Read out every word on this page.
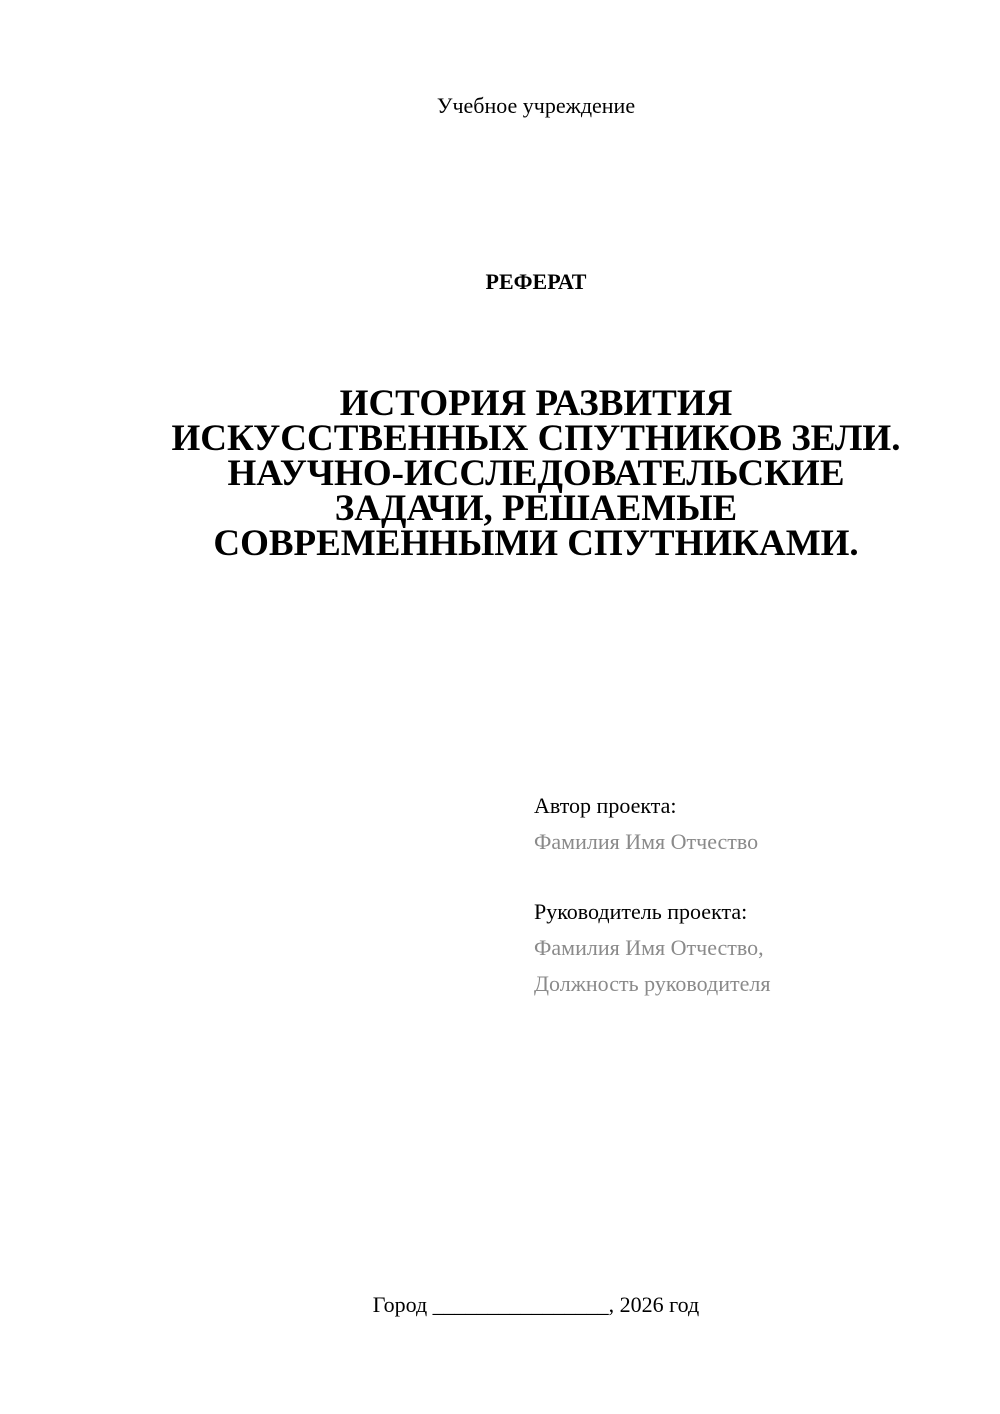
Учебное учреждение
РЕФЕРАТ
ИСТОРИЯ РАЗВИТИЯ
ИСКУССТВЕННЫХ СПУТНИКОВ ЗЕЛИ.
НАУЧНО-ИССЛЕДОВАТЕЛЬСКИЕ
ЗАДАЧИ, РЕШАЕМЫЕ
СОВРЕМЕННЫМИ СПУТНИКАМИ.
Автор проекта:
Фамилия Имя Отчество
Руководитель проекта:
Фамилия Имя Отчество,
Должность руководителя
Город ________________, 2026 год
